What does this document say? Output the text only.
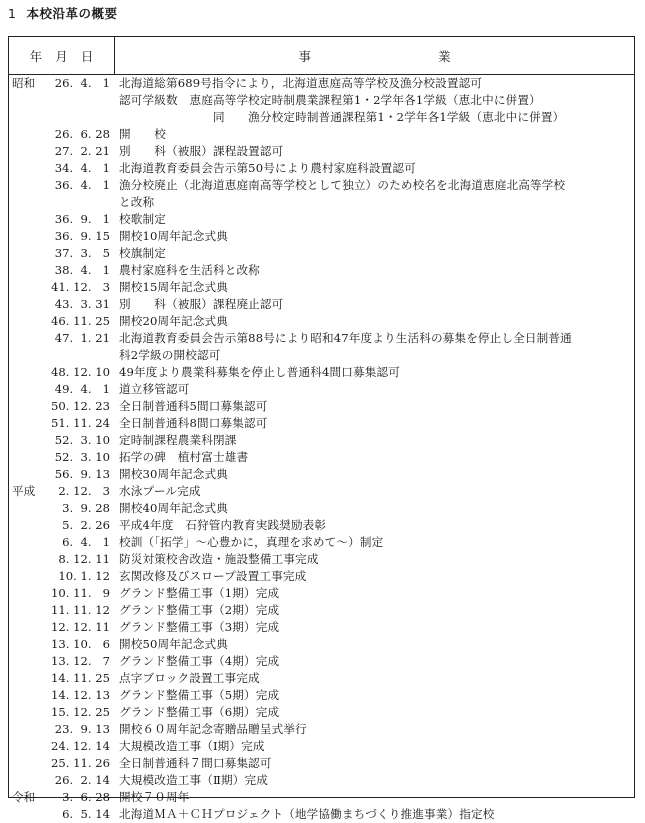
1 本校沿革の概要
年 月 日	事	業
昭和 26.  4.   1 北海道総第689号指令により，北海道恵庭高等学校及漁分校設置認可
認可学級数　恵庭高等学校定時制農業課程第1・2学年各1学級（恵北中に併置）
　　　　　　　　同　　漁分校定時制普通課程第1・2学年各1学級（恵北中に併置）
26.  6. 28 開　　校
27.  2. 21 別　　科（被服）課程設置認可
34.  4.   1 北海道教育委員会告示第50号により農村家庭科設置認可
36.  4.   1 漁分校廃止（北海道恵庭南高等学校として独立）のため校名を北海道恵庭北高等学校
と改称
36.  9.   1 校歌制定
36.  9. 15 開校10周年記念式典
37.  3.   5 校旗制定
38.  4.   1 農村家庭科を生活科と改称
41. 12.   3 開校15周年記念式典
43.  3. 31 別　　科（被服）課程廃止認可
46. 11. 25 開校20周年記念式典
47.  1. 21 北海道教育委員会告示第88号により昭和47年度より生活科の募集を停止し全日制普通
科2学級の開校認可
48. 12. 10 49年度より農業科募集を停止し普通科4間口募集認可
49.  4.   1 道立移管認可
50. 12. 23 全日制普通科5間口募集認可
51. 11. 24 全日制普通科8間口募集認可
52.  3. 10 定時制課程農業科閉課
52.  3. 10 拓学の碑　植村富士雄書
56.  9. 13 開校30周年記念式典
平成 2. 12.   3 水泳プール完成
3.  9. 28 開校40周年記念式典
5.  2. 26 平成4年度　石狩管内教育実践奨励表彰
6.  4.   1 校訓（「拓学」～心豊かに，真理を求めて～）制定
8. 12. 11 防災対策校舎改造・施設整備工事完成
10. 1. 12 玄関改修及びスロープ設置工事完成
10. 11.   9 グランド整備工事（1期）完成
11. 11. 12 グランド整備工事（2期）完成
12. 12. 11 グランド整備工事（3期）完成
13. 10.   6 開校50周年記念式典
13. 12.   7 グランド整備工事（4期）完成
14. 11. 25 点字ブロック設置工事完成
14. 12. 13 グランド整備工事（5期）完成
15. 12. 25 グランド整備工事（6期）完成
23.  9. 13 開校６０周年記念寄贈品贈呈式挙行
24. 12. 14 大規模改造工事（Ⅰ期）完成
25. 11. 26 全日制普通科７間口募集認可
26.  2. 14 大規模改造工事（Ⅱ期）完成
令和 3.  6. 28 開校７０周年
6.  5. 14 北海道ＭＡ＋ＣＨプロジェクト（地学協働まちづくり推進事業）指定校
